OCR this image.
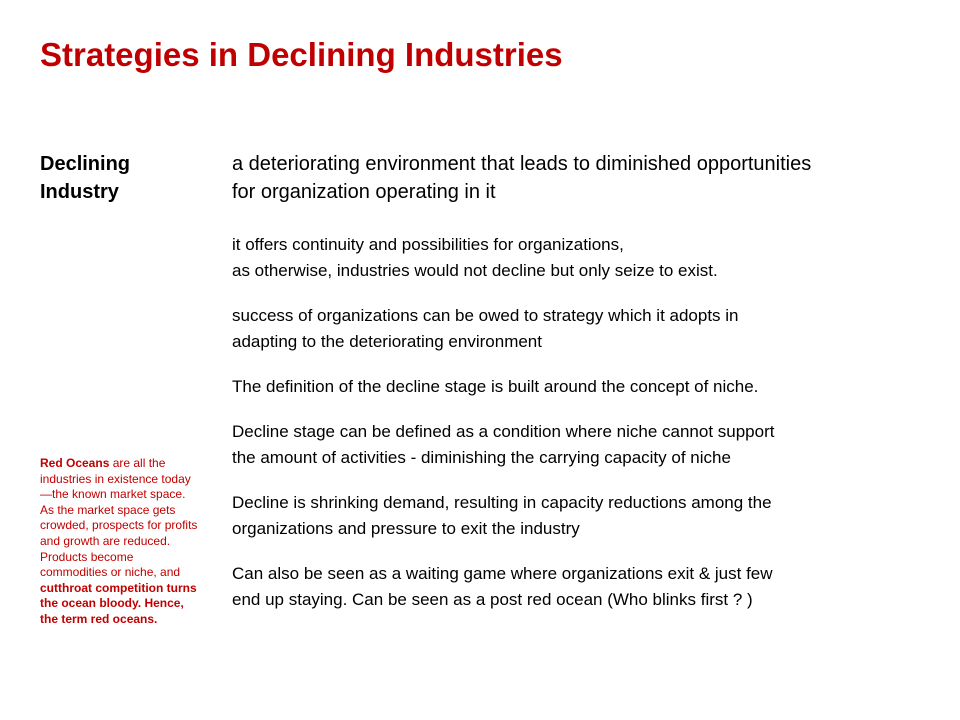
Strategies in Declining Industries
Declining
Industry
a deteriorating environment that leads to diminished opportunities
for organization operating in it
it offers continuity and possibilities for organizations,
as otherwise, industries would not decline but only seize to exist.
success of organizations can be owed to strategy which it adopts in
adapting to the deteriorating environment
The definition of the decline stage is built around the concept of niche.
Decline stage can be defined as a condition where niche cannot support
the amount of activities - diminishing the carrying capacity of niche
Decline is shrinking demand, resulting in capacity reductions among the
organizations and pressure to exit the industry
Can also be seen as a waiting game where organizations exit & just few
end up staying. Can be seen as a post red ocean (Who blinks first ? )
Red Oceans are all the industries in existence today—the known market space. As the market space gets crowded, prospects for profits and growth are reduced. Products become commodities or niche, and cutthroat competition turns the ocean bloody. Hence, the term red oceans.
